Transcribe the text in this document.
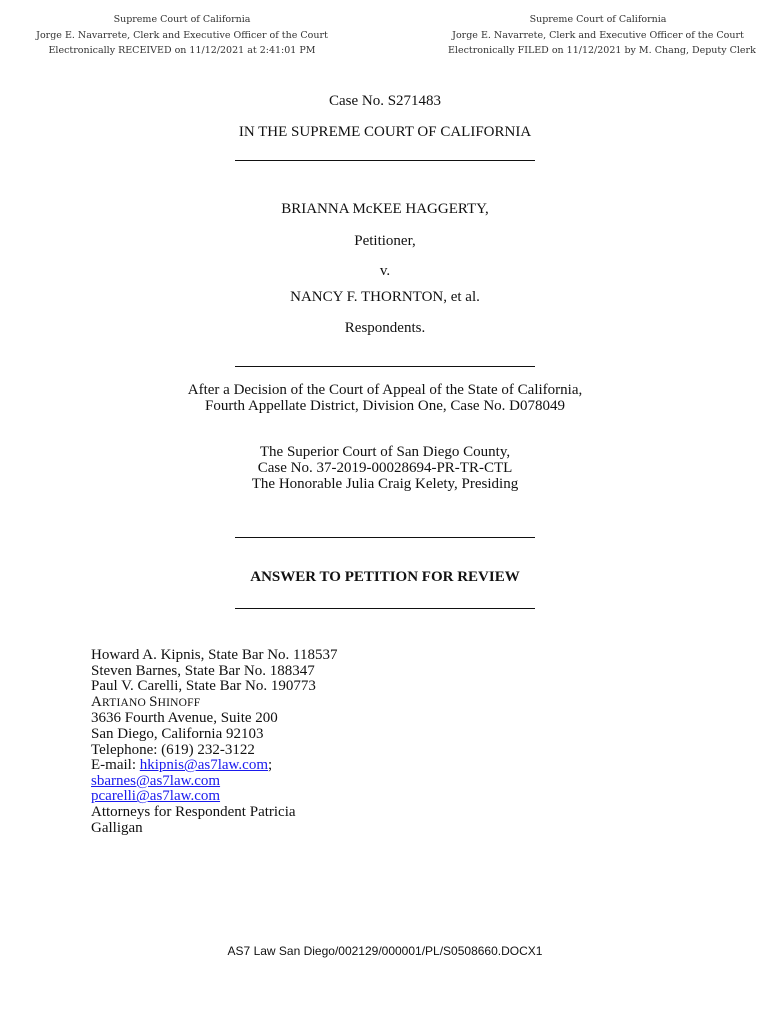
Supreme Court of California
Jorge E. Navarrete, Clerk and Executive Officer of the Court
Electronically RECEIVED on 11/12/2021 at 2:41:01 PM
Supreme Court of California
Jorge E. Navarrete, Clerk and Executive Officer of the Court
Electronically FILED on 11/12/2021 by M. Chang, Deputy Clerk
Case No. S271483
IN THE SUPREME COURT OF CALIFORNIA
BRIANNA McKEE HAGGERTY,
Petitioner,
v.
NANCY F. THORNTON, et al.
Respondents.
After a Decision of the Court of Appeal of the State of California,
Fourth Appellate District, Division One, Case No. D078049
The Superior Court of San Diego County,
Case No. 37-2019-00028694-PR-TR-CTL
The Honorable Julia Craig Kelety, Presiding
ANSWER TO PETITION FOR REVIEW
Howard A. Kipnis, State Bar No. 118537
Steven Barnes, State Bar No. 188347
Paul V. Carelli, State Bar No. 190773
ARTIANO SHINOFF
3636 Fourth Avenue, Suite 200
San Diego, California 92103
Telephone: (619) 232-3122
E-mail: hkipnis@as7law.com;
sbarnes@as7law.com
pcarelli@as7law.com
Attorneys for Respondent Patricia
Galligan
AS7 Law San Diego/002129/000001/PL/S0508660.DOCX1
